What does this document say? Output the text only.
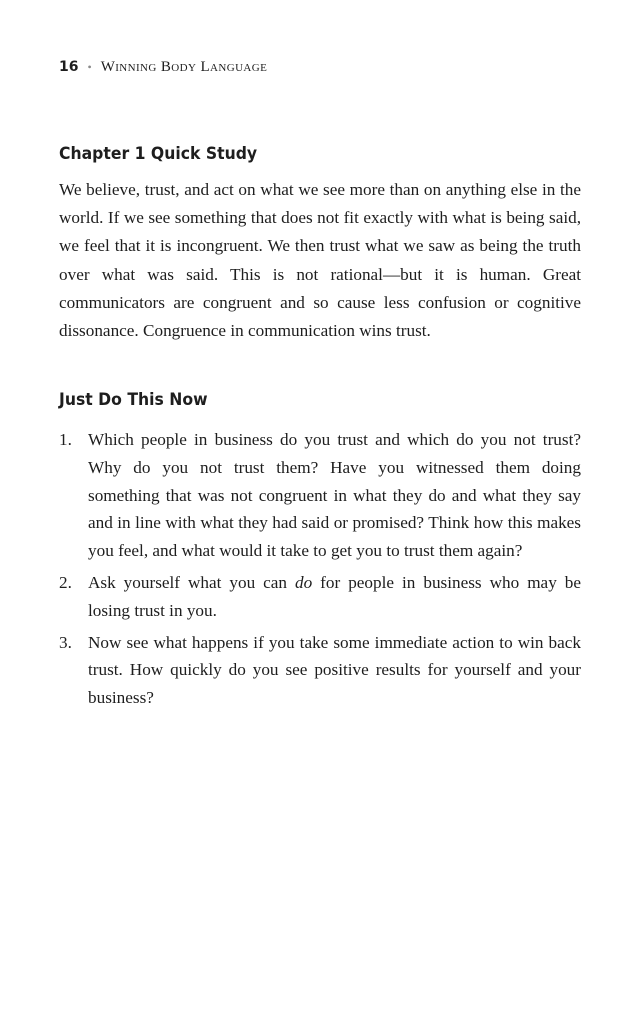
16 • Winning Body Language
Chapter 1 Quick Study

We believe, trust, and act on what we see more than on anything else in the world. If we see something that does not fit exactly with what is being said, we feel that it is incongruent. We then trust what we saw as being the truth over what was said. This is not rational—but it is human. Great communicators are congruent and so cause less confusion or cognitive dissonance. Congruence in communication wins trust.

Just Do This Now
1. Which people in business do you trust and which do you not trust? Why do you not trust them? Have you witnessed them doing something that was not congruent in what they do and what they say and in line with what they had said or promised? Think how this makes you feel, and what would it take to get you to trust them again?
2. Ask yourself what you can do for people in business who may be losing trust in you.
3. Now see what happens if you take some immediate action to win back trust. How quickly do you see positive results for yourself and your business?
